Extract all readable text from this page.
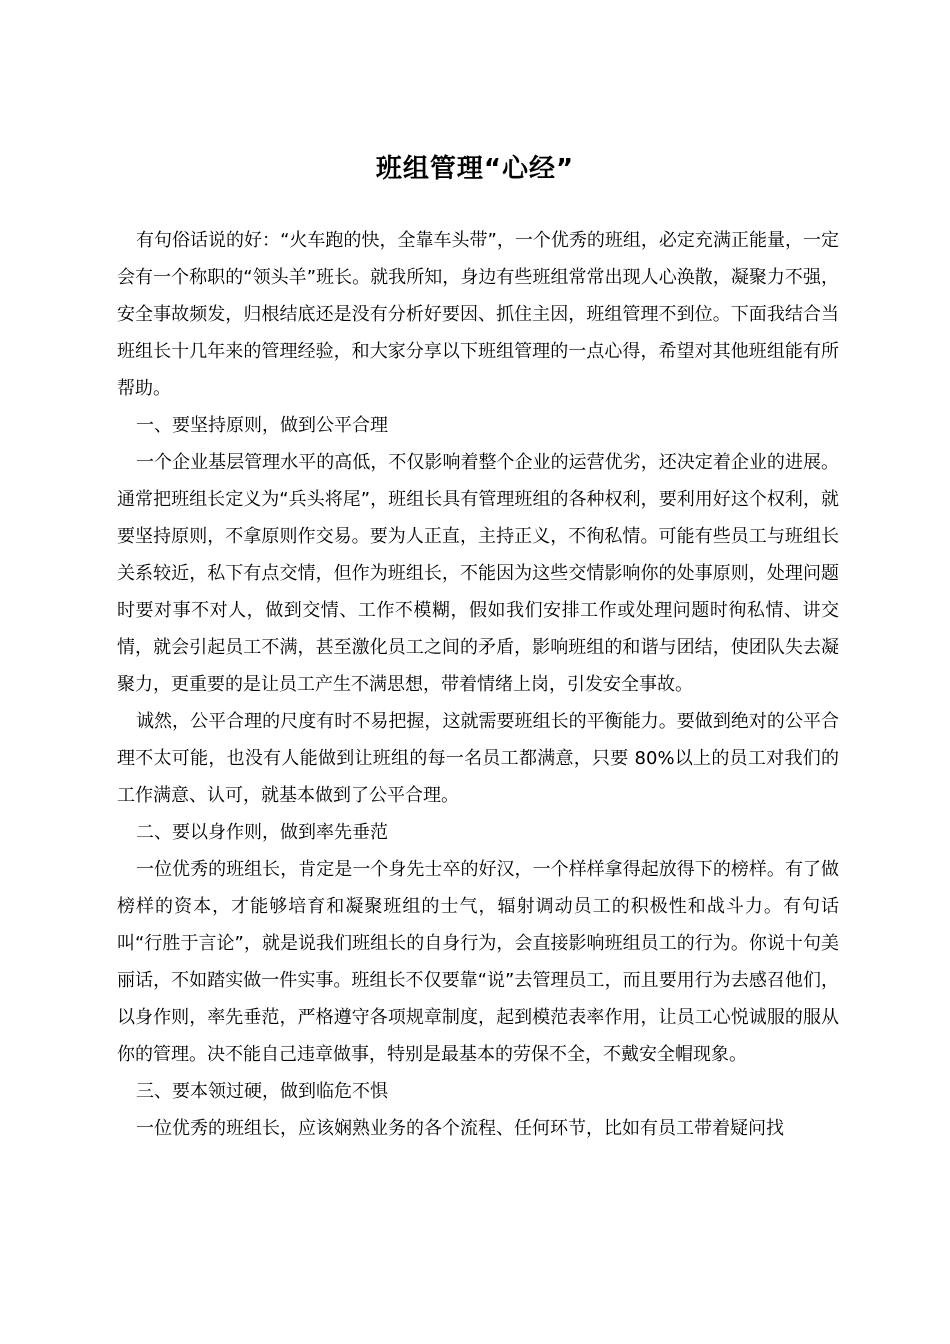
班组管理“心经”

有句俗话说的好：“火车跑的快，全靠车头带”，一个优秀的班组，必定充满正能量，一定会有一个称职的“领头羊”班长。就我所知，身边有些班组常常出现人心涣散，凝聚力不强，安全事故频发，归根结底还是没有分析好要因、抓住主因，班组管理不到位。下面我结合当班组长十几年来的管理经验，和大家分享以下班组管理的一点心得，希望对其他班组能有所帮助。

一、要坚持原则，做到公平合理

一个企业基层管理水平的高低，不仅影响着整个企业的运营优劣，还决定着企业的进展。通常把班组长定义为“兵头将尾”，班组长具有管理班组的各种权利，要利用好这个权利，就要坚持原则，不拿原则作交易。要为人正直，主持正义，不徇私情。可能有些员工与班组长关系较近，私下有点交情，但作为班组长，不能因为这些交情影响你的处事原则，处理问题时要对事不对人，做到交情、工作不模糊，假如我们安排工作或处理问题时徇私情、讲交情，就会引起员工不满，甚至激化员工之间的矛盾，影响班组的和谐与团结，使团队失去凝聚力，更重要的是让员工产生不满思想，带着情绪上岗，引发安全事故。

诚然，公平合理的尺度有时不易把握，这就需要班组长的平衡能力。要做到绝对的公平合理不太可能，也没有人能做到让班组的每一名员工都满意，只要 80%以上的员工对我们的工作满意、认可，就基本做到了公平合理。

二、要以身作则，做到率先垂范

一位优秀的班组长，肯定是一个身先士卒的好汉，一个样样拿得起放得下的榜样。有了做榜样的资本，才能够培育和凝聚班组的士气，辐射调动员工的积极性和战斗力。有句话叫“行胜于言论”，就是说我们班组长的自身行为，会直接影响班组员工的行为。你说十句美丽话，不如踏实做一件实事。班组长不仅要靠“说”去管理员工，而且要用行为去感召他们，以身作则，率先垂范，严格遵守各项规章制度，起到模范表率作用，让员工心悦诚服的服从你的管理。决不能自己违章做事，特别是最基本的劳保不全，不戴安全帽现象。

三、要本领过硬，做到临危不惧

一位优秀的班组长，应该娴熟业务的各个流程、任何环节，比如有员工带着疑问找
